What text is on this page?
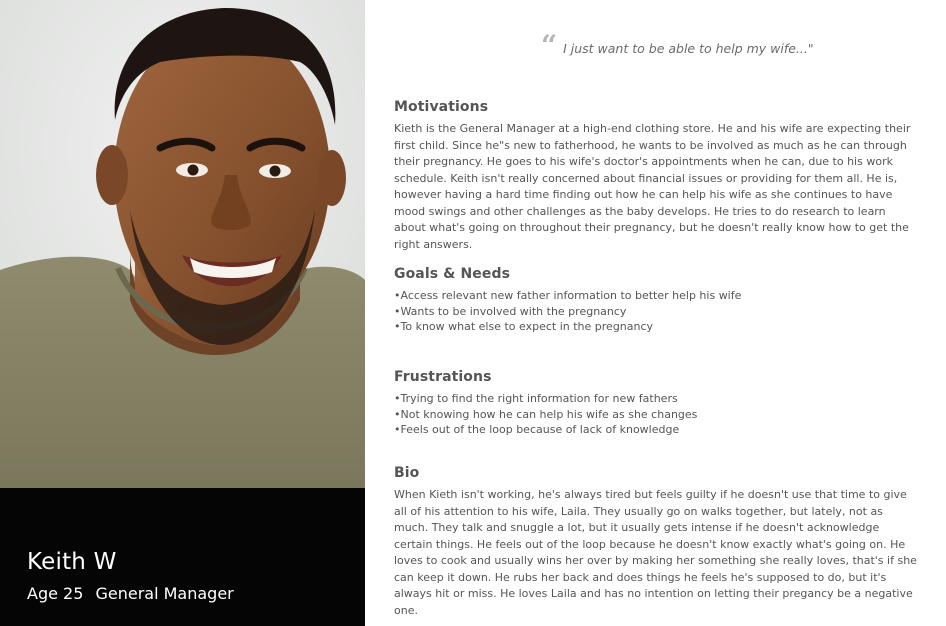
Keith W
Age 25 General Manager
“ I just want to be able to help my wife..."
Motivations

Kieth is the General Manager at a high-end clothing store. He and his wife are expecting their first child. Since he"s new to fatherhood, he wants to be involved as much as he can through their pregnancy. He goes to his wife's doctor's appointments when he can, due to his work schedule. Keith isn't really concerned about financial issues or providing for them all. He is, however having a hard time finding out how he can help his wife as she continues to have mood swings and other challenges as the baby develops. He tries to do research to learn about what's going on throughout their pregnancy, but he doesn't really know how to get the right answers.

Goals & Needs
• Access relevant new father information to better help his wife
• Wants to be involved with the pregnancy
• To know what else to expect in the pregnancy
Frustrations
• Trying to find the right information for new fathers
• Not knowing how he can help his wife as she changes
• Feels out of the loop because of lack of knowledge
Bio

When Kieth isn't working, he's always tired but feels guilty if he doesn't use that time to give all of his attention to his wife, Laila. They usually go on walks together, but lately, not as much. They talk and snuggle a lot, but it usually gets intense if he doesn't acknowledge certain things. He feels out of the loop because he doesn't know exactly what's going on. He loves to cook and usually wins her over by making her something she really loves, that's if she can keep it down. He rubs her back and does things he feels he's supposed to do, but it's always hit or miss. He loves Laila and has no intention on letting their pregancy be a negative one.
